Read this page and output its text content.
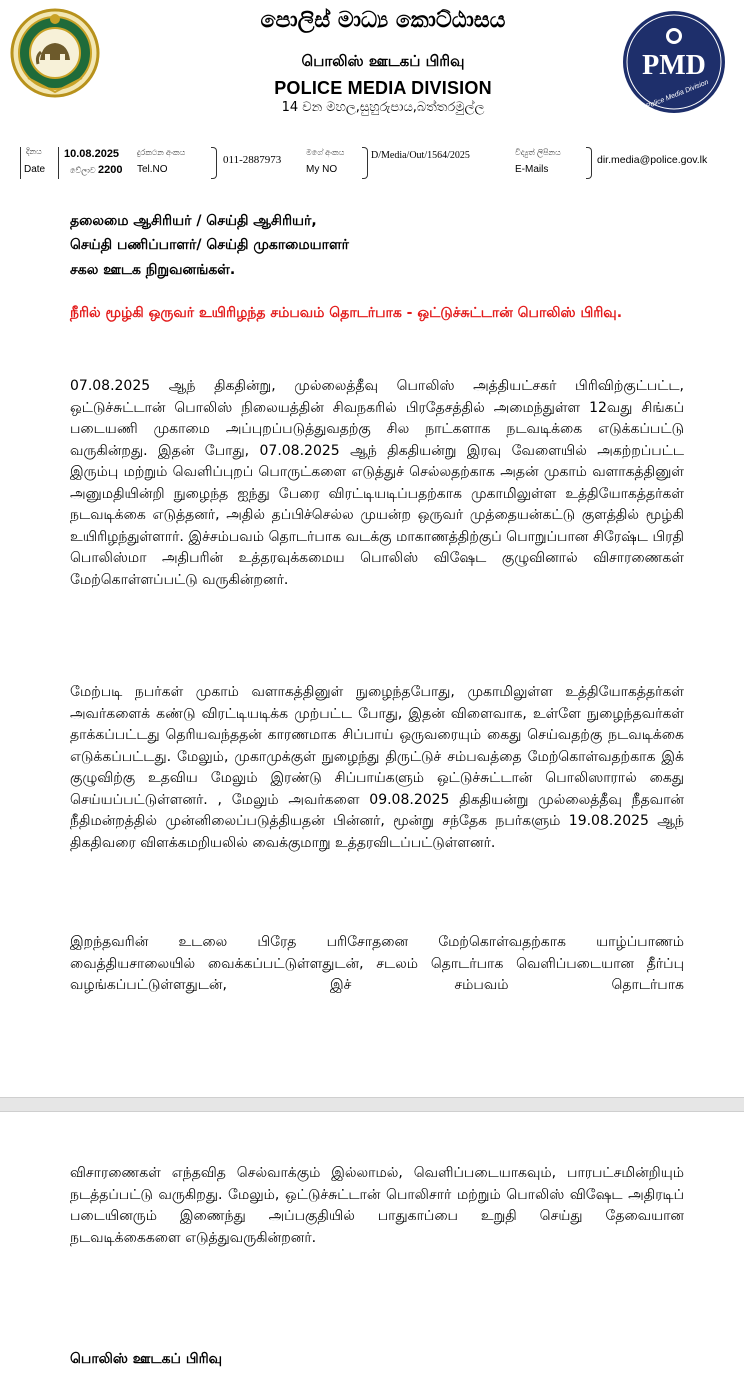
පොලිස් මාධ්‍ය කොට්ඨාසය
பொலிஸ் ஊடகப் பிரிவு
POLICE MEDIA DIVISION
14 වන මහල,සුහුරුපාය,බත්තරමුල්ල
PMD
Police Media Division
දිනය
Date
10.08.2025
වේලාව 2200
දුරකථන අංකය
Tel.NO
011-2887973
මගේ අංකය
My NO
D/Media/Out/1564/2025	විද්‍යුත් ලිපිනය
E-Mails
dir.media@police.gov.lk
தலைமை ஆசிரியர் / செய்தி ஆசிரியர்,
செய்தி பணிப்பாளர்/ செய்தி முகாமையாளர்
சகல ஊடக நிறுவனங்கள்.
நீரில் மூழ்கி ஒருவர் உயிரிழந்த சம்பவம் தொடர்பாக - ஒட்டுச்சுட்டான் பொலிஸ் பிரிவு.
07.08.2025 ஆந் திகதின்று, முல்லைத்தீவு பொலிஸ் அத்தியட்சகர் பிரிவிற்குட்பட்ட, ஒட்டுச்சுட்டான் பொலிஸ் நிலையத்தின் சிவநகரில் பிரதேசத்தில் அமைந்துள்ள 12வது சிங்கப் படையணி முகாமை அப்புறப்படுத்துவதற்கு சில நாட்களாக நடவடிக்கை எடுக்கப்பட்டு வருகின்றது. இதன் போது, 07.08.2025 ஆந் திகதியன்று இரவு வேளையில் அகற்றப்பட்ட இரும்பு மற்றும் வெளிப்புறப் பொருட்களை எடுத்துச் செல்லதற்காக அதன் முகாம் வளாகத்தினுள் அனுமதியின்றி நுழைந்த ஐந்து பேரை விரட்டியடிப்பதற்காக முகாமிலுள்ள உத்தியோகத்தர்கள் நடவடிக்கை எடுத்தனர், அதில் தப்பிச்செல்ல முயன்ற ஒருவர் முத்தையன்கட்டு குளத்தில் மூழ்கி உயிரிழந்துள்ளார். இச்சம்பவம் தொடர்பாக வடக்கு மாகாணத்திற்குப் பொறுப்பான சிரேஷ்ட பிரதி பொலிஸ்மா அதிபரின் உத்தரவுக்கமைய பொலிஸ் விஷேட குழுவினால் விசாரணைகள் மேற்கொள்ளப்பட்டு வருகின்றனர்.
மேற்படி நபர்கள் முகாம் வளாகத்தினுள் நுழைந்தபோது, முகாமிலுள்ள உத்தியோகத்தர்கள் அவர்களைக் கண்டு விரட்டியடிக்க முற்பட்ட போது, இதன் விளைவாக, உள்ளே நுழைந்தவர்கள் தாக்கப்பட்டது தெரியவந்ததன் காரணமாக சிப்பாய் ஒருவரையும் கைது செய்வதற்கு நடவடிக்கை எடுக்கப்பட்டது. மேலும், முகாமுக்குள் நுழைந்து திருட்டுச் சம்பவத்தை மேற்கொள்வதற்காக இக் குழுவிற்கு உதவிய மேலும் இரண்டு சிப்பாய்களும் ஒட்டுச்சுட்டான் பொலிஸாரால் கைது செய்யப்பட்டுள்ளனர். , மேலும் அவர்களை 09.08.2025 திகதியன்று முல்லைத்தீவு நீதவான் நீதிமன்றத்தில் முன்னிலைப்படுத்தியதன் பின்னர், மூன்று சந்தேக நபர்களும் 19.08.2025 ஆந் திகதிவரை விளக்கமறியலில் வைக்குமாறு உத்தரவிடப்பட்டுள்ளனர்.
இறந்தவரின் உடலை பிரேத பரிசோதனை மேற்கொள்வதற்காக யாழ்ப்பாணம் வைத்தியசாலையில் வைக்கப்பட்டுள்ளதுடன், சடலம் தொடர்பாக வெளிப்படையான தீர்ப்பு வழங்கப்பட்டுள்ளதுடன், இச் சம்பவம் தொடர்பாக
விசாரணைகள் எந்தவித செல்வாக்கும் இல்லாமல், வெளிப்படையாகவும், பாரபட்சமின்றியும் நடத்தப்பட்டு வருகிறது. மேலும், ஒட்டுச்சுட்டான் பொலிசார் மற்றும் பொலிஸ் விஷேட அதிரடிப் படையினரும் இணைந்து அப்பகுதியில் பாதுகாப்பை உறுதி செய்து தேவையான நடவடிக்கைகளை எடுத்துவருகின்றனர்.
பொலிஸ் ஊடகப் பிரிவு
